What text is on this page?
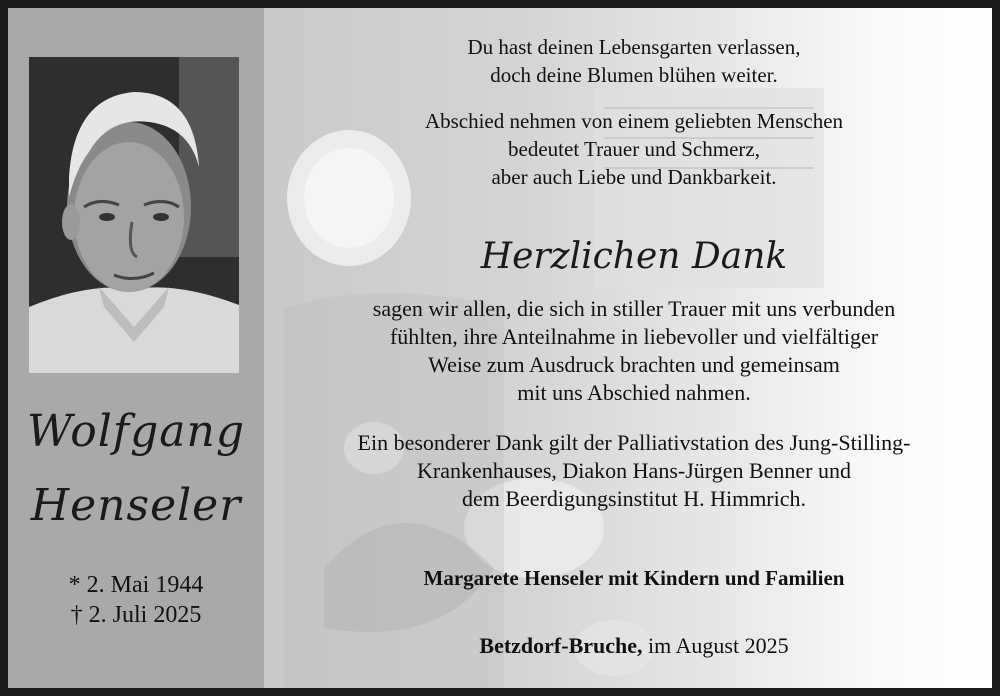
Wolfgang
Henseler
* 2. Mai 1944
† 2. Juli 2025
Du hast deinen Lebensgarten verlassen,
doch deine Blumen blühen weiter.
Abschied nehmen von einem geliebten Menschen
bedeutet Trauer und Schmerz,
aber auch Liebe und Dankbarkeit.
Herzlichen Dank
sagen wir allen, die sich in stiller Trauer mit uns verbunden
fühlten, ihre Anteilnahme in liebevoller und vielfältiger
Weise zum Ausdruck brachten und gemeinsam
mit uns Abschied nahmen.
Ein besonderer Dank gilt der Palliativstation des Jung-Stilling-
Krankenhauses, Diakon Hans-Jürgen Benner und
dem Beerdigungsinstitut H. Himmrich.
Margarete Henseler mit Kindern und Familien
Betzdorf-Bruche, im August 2025
